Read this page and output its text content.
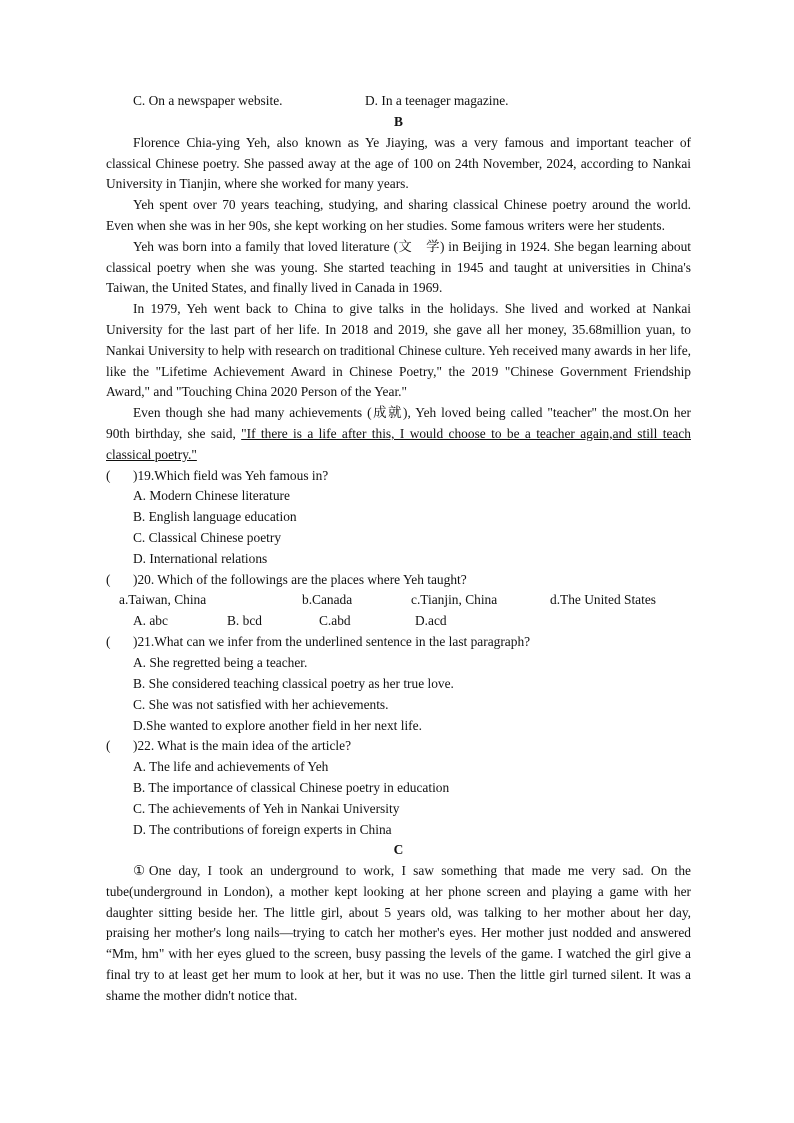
C. On a newspaper website.	D. In a teenager magazine.
B

Florence Chia-ying Yeh, also known as Ye Jiaying, was a very famous and important teacher of classical Chinese poetry. She passed away at the age of 100 on 24th November, 2024, according to Nankai University in Tianjin, where she worked for many years.

Yeh spent over 70 years teaching, studying, and sharing classical Chinese poetry around the world. Even when she was in her 90s, she kept working on her studies. Some famous writers were her students.

Yeh was born into a family that loved literature (文　学) in Beijing in 1924. She began learning about classical poetry when she was young. She started teaching in 1945 and taught at universities in China's Taiwan, the United States, and finally lived in Canada in 1969.

In 1979, Yeh went back to China to give talks in the holidays. She lived and worked at Nankai University for the last part of her life. In 2018 and 2019, she gave all her money, 35.68million yuan, to Nankai University to help with research on traditional Chinese culture. Yeh received many awards in her life, like the "Lifetime Achievement Award in Chinese Poetry," the 2019 "Chinese Government Friendship Award," and "Touching China 2020 Person of the Year."

Even though she had many achievements (成就), Yeh loved being called "teacher" the most.On her 90th birthday, she said, "If there is a life after this, I would choose to be a teacher again,and still teach classical poetry."

(　　)19.Which field was Yeh famous in?
A. Modern Chinese literature
B. English language education
C. Classical Chinese poetry
D. International relations
(　　)20. Which of the followings are the places where Yeh taught?
a.Taiwan, China	b.Canada	c.Tianjin, China	d.The United States
A. abc	B. bcd	C.abd	D.acd
(　　)21.What can we infer from the underlined sentence in the last paragraph?
A. She regretted being a teacher.
B. She considered teaching classical poetry as her true love.
C. She was not satisfied with her achievements.
D.She wanted to explore another field in her next life.
(　　)22. What is the main idea of the article?
A. The life and achievements of Yeh
B. The importance of classical Chinese poetry in education
C. The achievements of Yeh in Nankai University
D. The contributions of foreign experts in China
C

①One day, I took an underground to work, I saw something that made me very sad. On the tube(underground in London), a mother kept looking at her phone screen and playing a game with her daughter sitting beside her. The little girl, about 5 years old, was talking to her mother about her day, praising her mother's long nails—trying to catch her mother's eyes. Her mother just nodded and answered “Mm, hm" with her eyes glued to the screen, busy passing the levels of the game. I watched the girl give a final try to at least get her mum to look at her, but it was no use. Then the little girl turned silent. It was a shame the mother didn't notice that.
